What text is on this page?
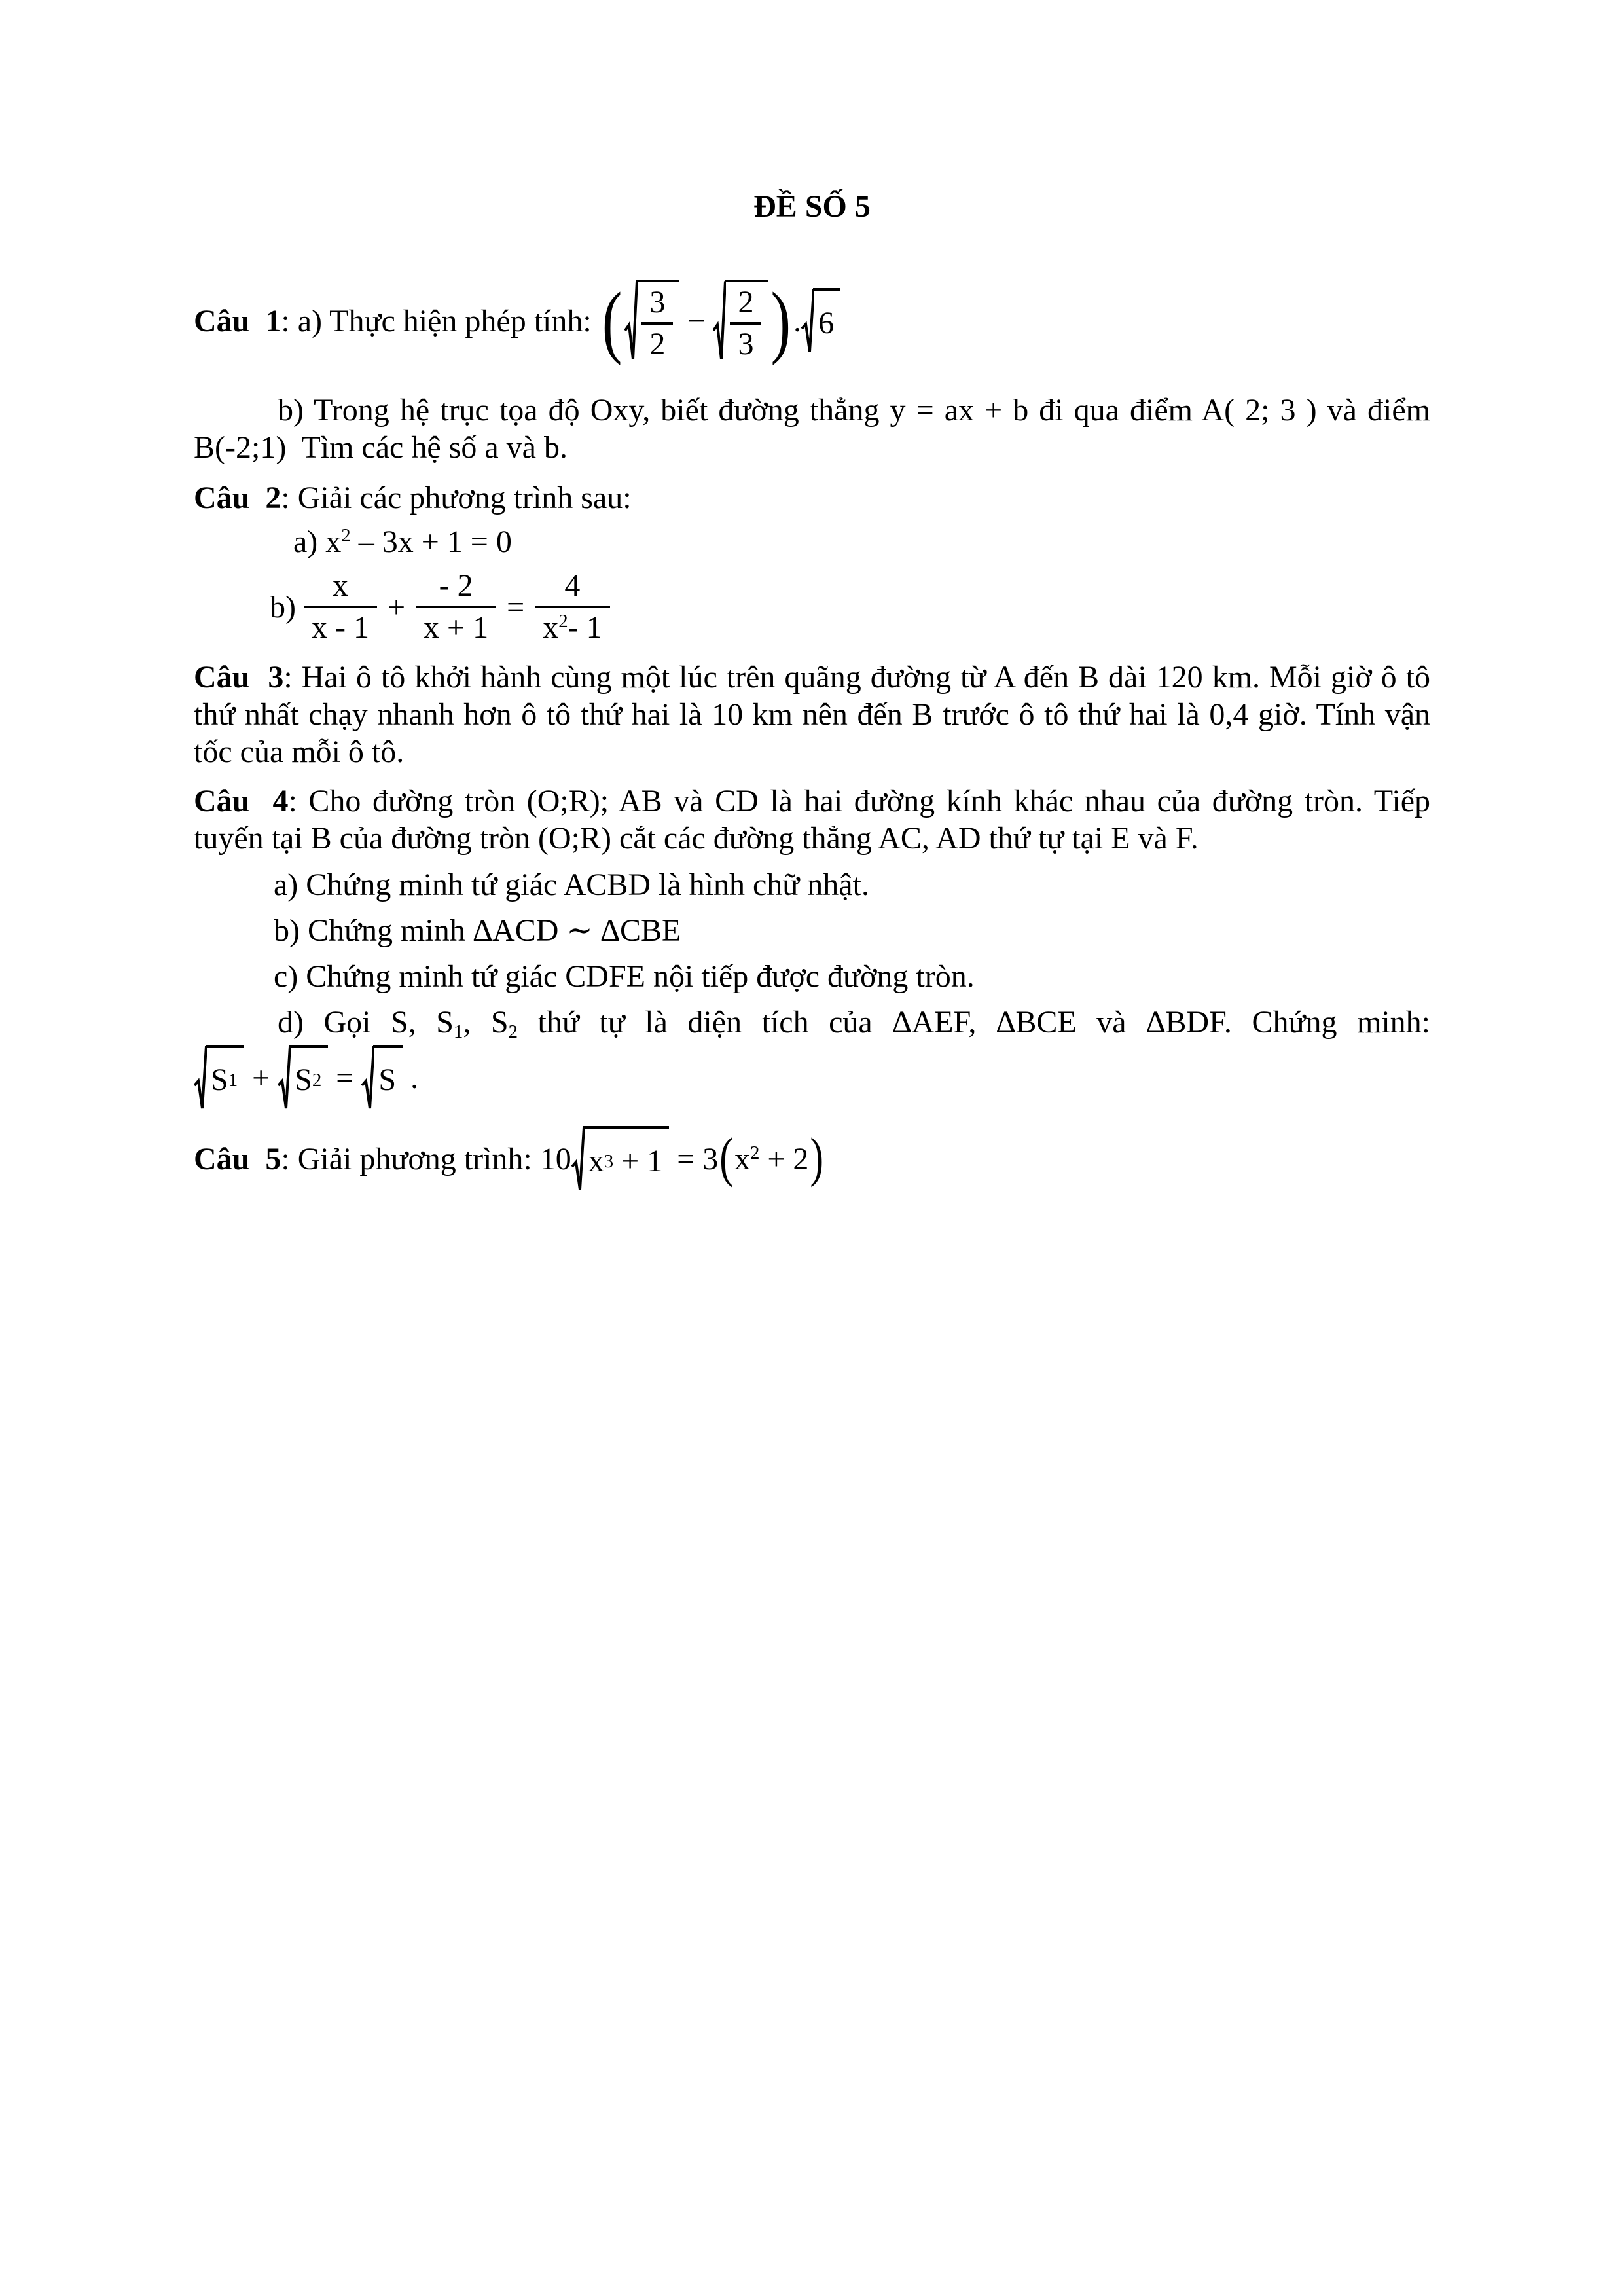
ĐỀ SỐ 5
Câu  1 : a) Thực hiện phép tính: ( $\frac{3}{2} - \frac{2}{3}$ ) . 6
b) Trong hệ trục tọa độ Oxy, biết đường thẳng y = ax + b đi qua điểm A( 2; 3 ) và điểm B(-2;1)  Tìm các hệ số a và b.
Câu  2: Giải các phương trình sau:
a) $x^2 - 3x + 1 = 0$
$b) \frac{x}{x - 1} + \frac{- 2}{x + 1} = \frac{4}{x^2- 1}$
Câu  3: Hai ô tô khởi hành cùng một lúc trên quãng đường từ A đến B dài 120 km. Mỗi giờ ô tô thứ nhất chạy nhanh hơn ô tô thứ hai là 10 km nên đến B trước ô tô thứ hai là 0,4 giờ. Tính vận tốc của mỗi ô tô.
Câu  4: Cho đường tròn (O;R); AB và CD là hai đường kính khác nhau của đường tròn. Tiếp tuyến tại B của đường tròn (O;R) cắt các đường thẳng AC, AD thứ tự tại E và F.
a) Chứng minh tứ giác ACBD là hình chữ nhật.
b) Chứng minh ∆ACD ∼ ∆CBE
c) Chứng minh tứ giác CDFE nội tiếp được đường tròn.
d) Gọi S, $S_1$, $S_2$ thứ tự là diện tích của ∆AEF, ∆BCE và ∆BDF. Chứng minh:
S 1 + S 2 = S .
Câu  5 : Giải phương trình: 10 x 3 + 1 = 3 ( $x^2 + 2$ )
